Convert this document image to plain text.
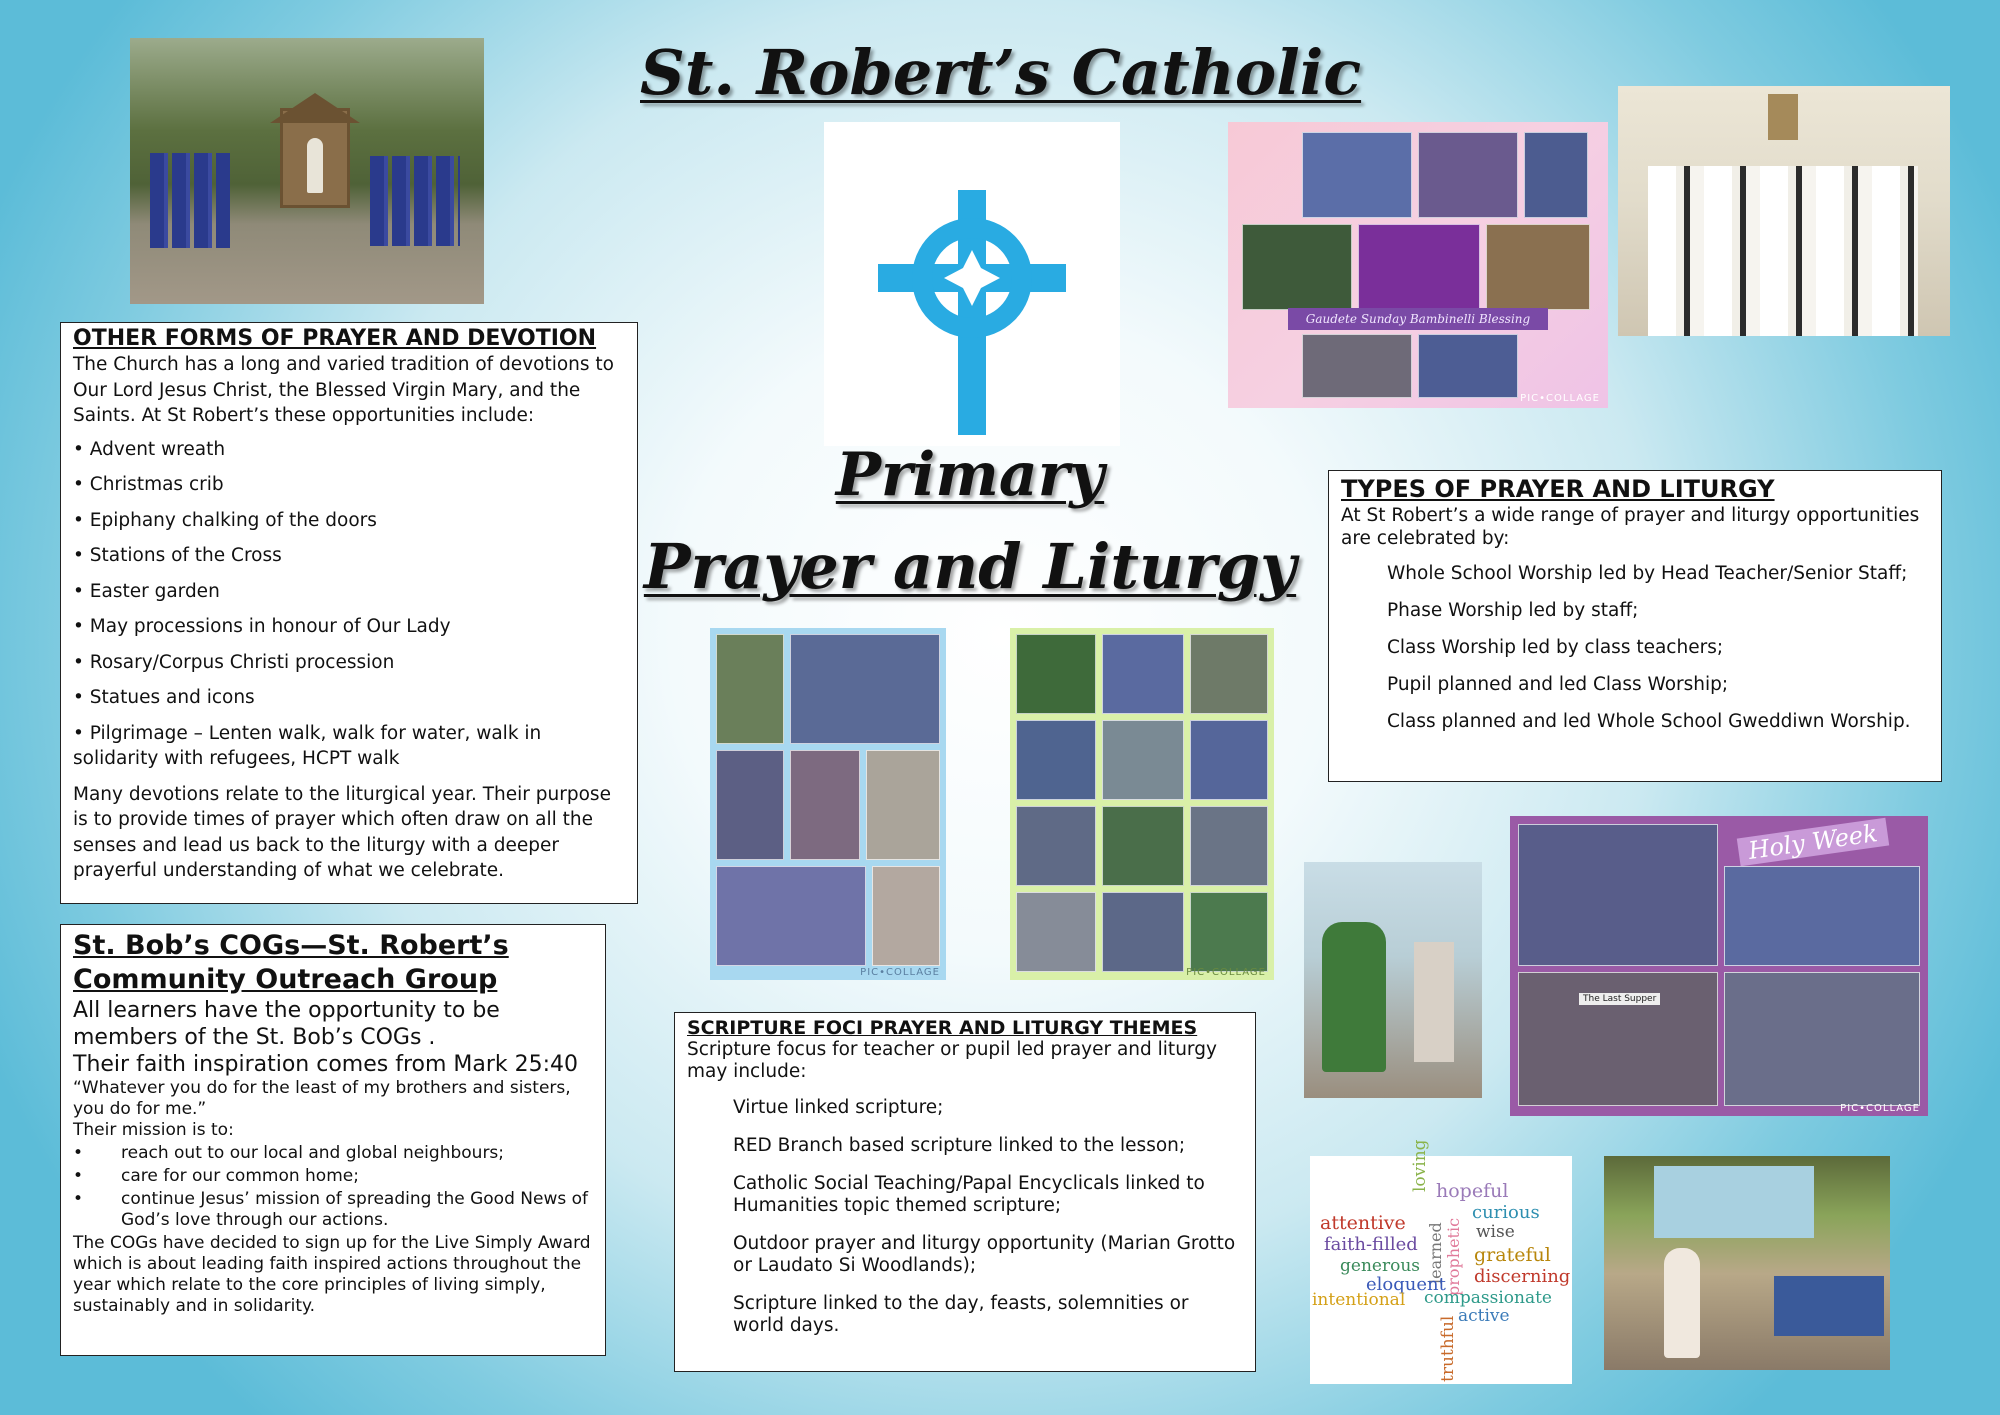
St. Robert’s Catholic
Primary
Prayer and Liturgy
OTHER FORMS OF PRAYER AND DEVOTION
The Church has a long and varied tradition of devotions to Our Lord Jesus Christ, the Blessed Virgin Mary, and the Saints. At St Robert’s these opportunities include:
• Advent wreath
• Christmas crib
• Epiphany chalking of the doors
• Stations of the Cross
• Easter garden
• May processions in honour of Our Lady
• Rosary/Corpus Christi procession
• Statues and icons
• Pilgrimage – Lenten walk, walk for water, walk in solidarity with refugees, HCPT walk
Many devotions relate to the liturgical year. Their purpose is to provide times of prayer which often draw on all the senses and lead us back to the liturgy with a deeper prayerful understanding of what we celebrate.
St. Bob’s COGs—St. Robert’s
Community Outreach Group
All learners have the opportunity to be members of the St. Bob’s COGs .
Their faith inspiration comes from Mark 25:40
“Whatever you do for the least of my brothers and sisters, you do for me.”
Their mission is to:
• reach out to our local and global neighbours;
• care for our common home;
• continue Jesus’ mission of spreading the Good News of God’s love through our actions.
The COGs have decided to sign up for the Live Simply Award which is about leading faith inspired actions throughout the year which relate to the core principles of living simply, sustainably and in solidarity.
Gaudete Sunday Bambinelli Blessing
PIC•COLLAGE
TYPES OF PRAYER AND LITURGY
At St Robert’s a wide range of prayer and liturgy opportunities are celebrated by:
Whole School Worship led by Head Teacher/Senior Staff;
Phase Worship led by staff;
Class Worship led by class teachers;
Pupil planned and led Class Worship;
Class planned and led Whole School Gweddiwn Worship.
PIC•COLLAGE	PIC•COLLAGE
SCRIPTURE FOCI PRAYER AND LITURGY THEMES
Scripture focus for teacher or pupil led prayer and liturgy may include:
Virtue linked scripture;
RED Branch based scripture linked to the lesson;
Catholic Social Teaching/Papal Encyclicals linked to Humanities topic themed scripture;
Outdoor prayer and liturgy opportunity (Marian Grotto or Laudato Si Woodlands);
Scripture linked to the day, feasts, solemnities or world days.
Holy Week
The Last Supper
PIC•COLLAGE
loving hopeful
attentive	curious
faith-filled learned wise
prophetic
generous	grateful
eloquent discerning
intentional compassionate
active
truthful
